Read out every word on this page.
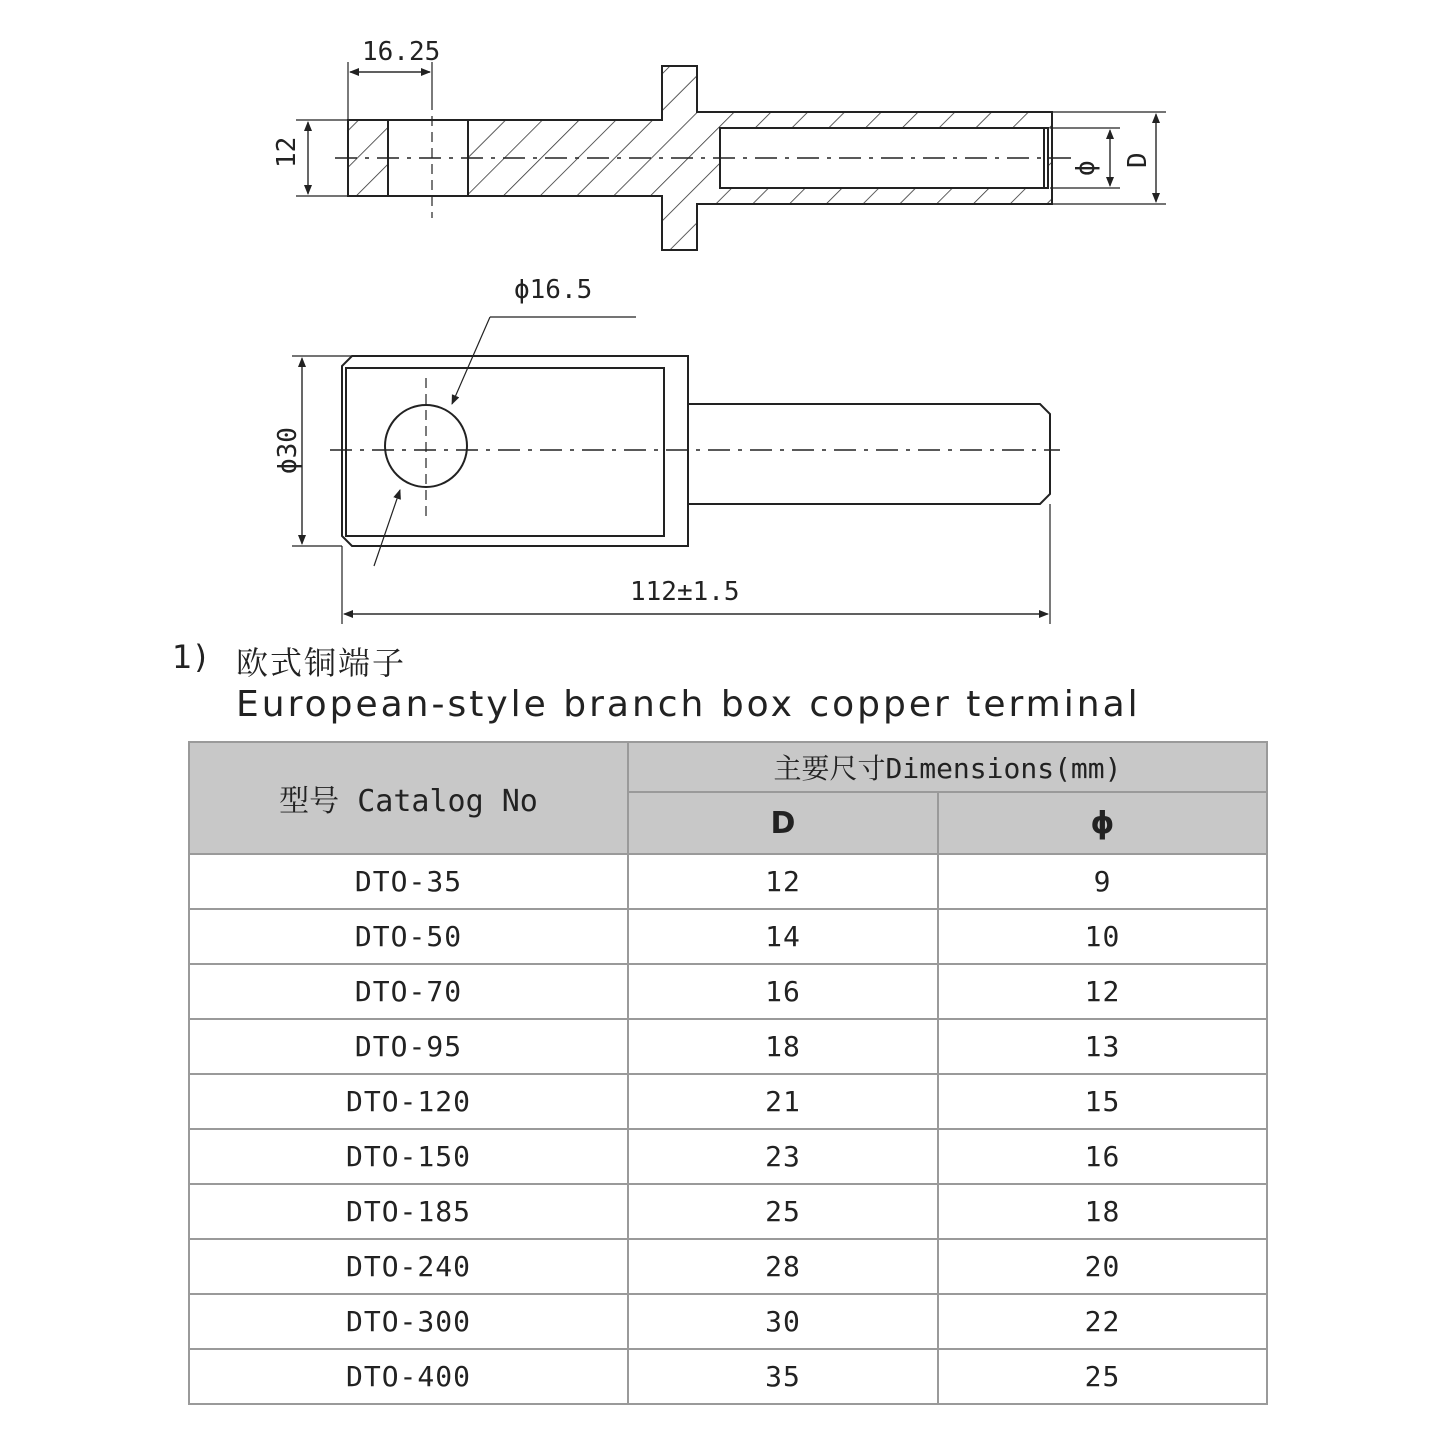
16.25
12
ϕ
D
ϕ16.5
ϕ30
112±1.5
1) 欧式铜端子
European-style branch box copper terminal
型号 Catalog No	主要尺寸Dimensions(mm)	
	D	ϕ
DTO-35	12	9
DTO-50	14	10
DTO-70	16	12
DTO-95	18	13
DTO-120	21	15
DTO-150	23	16
DTO-185	25	18
DTO-240	28	20
DTO-300	30	22
DTO-400	35	25
